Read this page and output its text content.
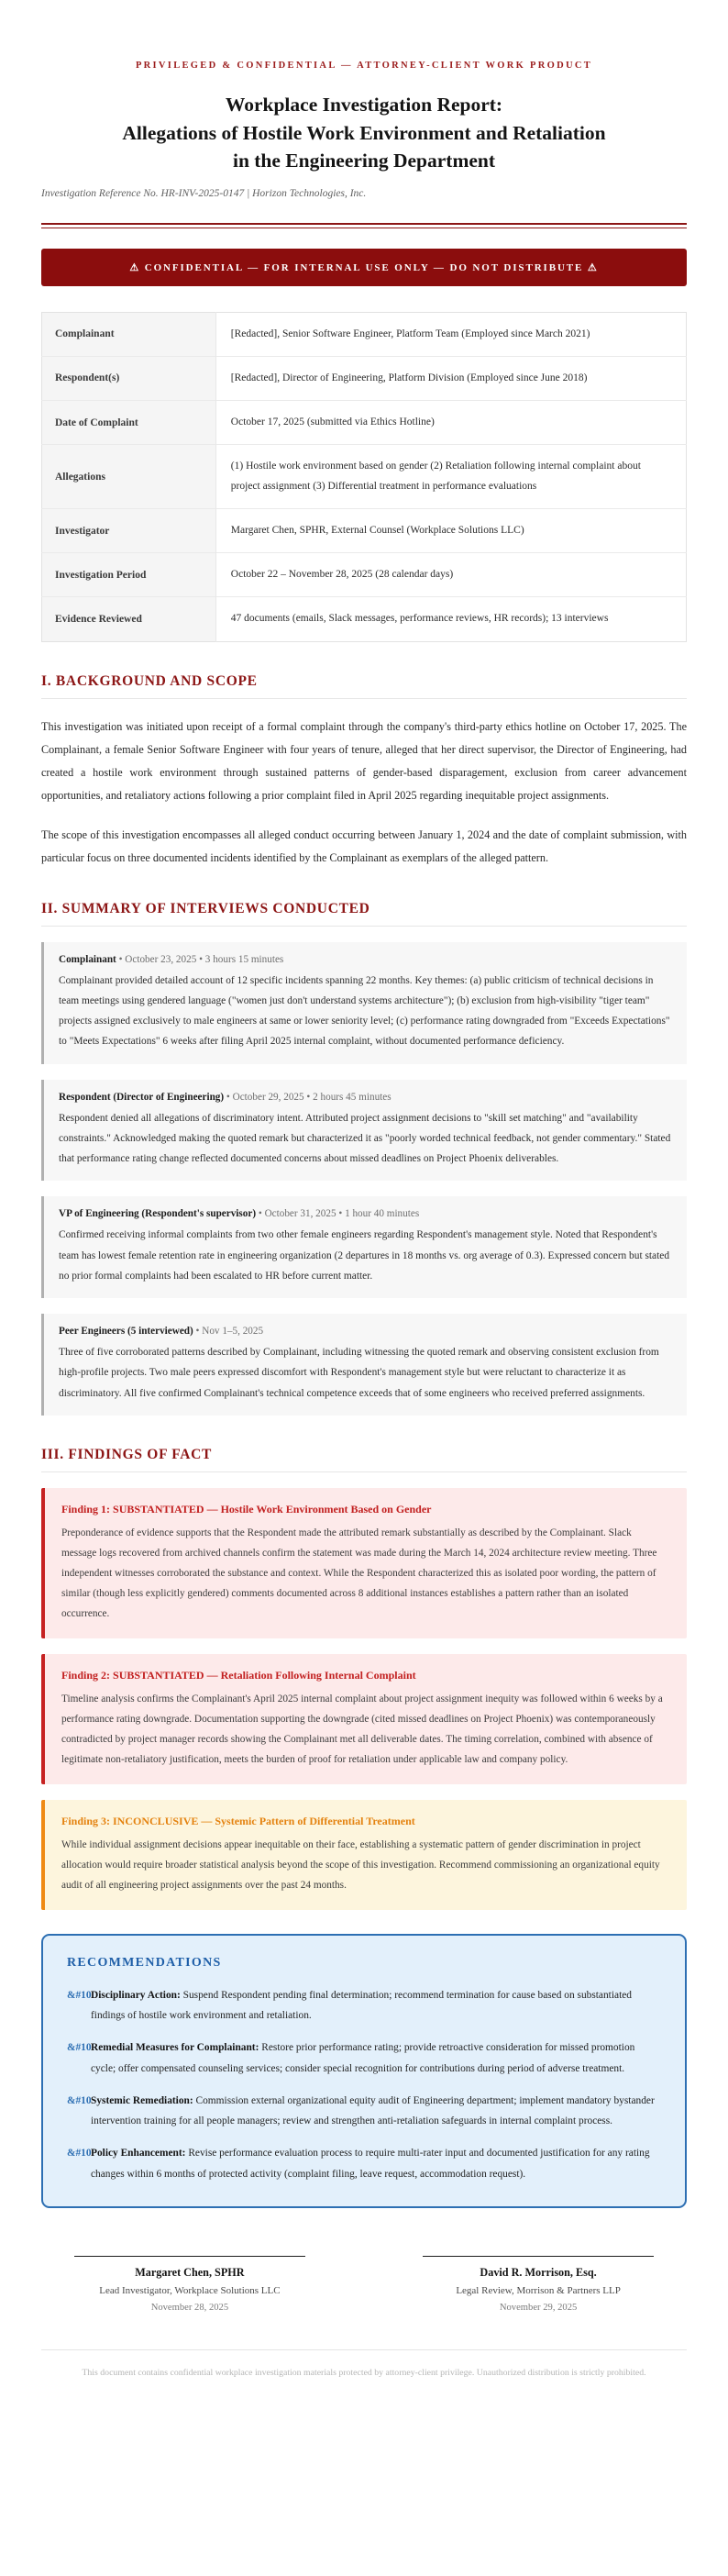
PRIVILEGED & CONFIDENTIAL — ATTORNEY-CLIENT WORK PRODUCT
Workplace Investigation Report:
Allegations of Hostile Work Environment and Retaliation
in the Engineering Department
Investigation Reference No. HR-INV-2025-0147 | Horizon Technologies, Inc.
⚠ CONFIDENTIAL — FOR INTERNAL USE ONLY — DO NOT DISTRIBUTE ⚠
Complainant	[Redacted], Senior Software Engineer, Platform Team (Employed since March 2021)
Respondent(s)	[Redacted], Director of Engineering, Platform Division (Employed since June 2018)
Date of Complaint	October 17, 2025 (submitted via Ethics Hotline)
Allegations	(1) Hostile work environment based on gender (2) Retaliation following internal complaint about project assignment (3) Differential treatment in performance evaluations
Investigator	Margaret Chen, SPHR, External Counsel (Workplace Solutions LLC)
Investigation Period	October 22 – November 28, 2025 (28 calendar days)
Evidence Reviewed	47 documents (emails, Slack messages, performance reviews, HR records); 13 interviews
I. BACKGROUND AND SCOPE

This investigation was initiated upon receipt of a formal complaint through the company's third-party ethics hotline on October 17, 2025. The Complainant, a female Senior Software Engineer with four years of tenure, alleged that her direct supervisor, the Director of Engineering, had created a hostile work environment through sustained patterns of gender-based disparagement, exclusion from career advancement opportunities, and retaliatory actions following a prior complaint filed in April 2025 regarding inequitable project assignments.

The scope of this investigation encompasses all alleged conduct occurring between January 1, 2024 and the date of complaint submission, with particular focus on three documented incidents identified by the Complainant as exemplars of the alleged pattern.

II. SUMMARY OF INTERVIEWS CONDUCTED
Complainant • October 23, 2025 • 3 hours 15 minutes

Complainant provided detailed account of 12 specific incidents spanning 22 months. Key themes: (a) public criticism of technical decisions in team meetings using gendered language ("women just don't understand systems architecture"); (b) exclusion from high-visibility "tiger team" projects assigned exclusively to male engineers at same or lower seniority level; (c) performance rating downgraded from "Exceeds Expectations" to "Meets Expectations" 6 weeks after filing April 2025 internal complaint, without documented performance deficiency.

Respondent (Director of Engineering) • October 29, 2025 • 2 hours 45 minutes

Respondent denied all allegations of discriminatory intent. Attributed project assignment decisions to "skill set matching" and "availability constraints." Acknowledged making the quoted remark but characterized it as "poorly worded technical feedback, not gender commentary." Stated that performance rating change reflected documented concerns about missed deadlines on Project Phoenix deliverables.

VP of Engineering (Respondent's supervisor) • October 31, 2025 • 1 hour 40 minutes

Confirmed receiving informal complaints from two other female engineers regarding Respondent's management style. Noted that Respondent's team has lowest female retention rate in engineering organization (2 departures in 18 months vs. org average of 0.3). Expressed concern but stated no prior formal complaints had been escalated to HR before current matter.

Peer Engineers (5 interviewed) • Nov 1–5, 2025

Three of five corroborated patterns described by Complainant, including witnessing the quoted remark and observing consistent exclusion from high-profile projects. Two male peers expressed discomfort with Respondent's management style but were reluctant to characterize it as discriminatory. All five confirmed Complainant's technical competence exceeds that of some engineers who received preferred assignments.

III. FINDINGS OF FACT
Finding 1: SUBSTANTIATED — Hostile Work Environment Based on Gender

Preponderance of evidence supports that the Respondent made the attributed remark substantially as described by the Complainant. Slack message logs recovered from archived channels confirm the statement was made during the March 14, 2024 architecture review meeting. Three independent witnesses corroborated the substance and context. While the Respondent characterized this as isolated poor wording, the pattern of similar (though less explicitly gendered) comments documented across 8 additional instances establishes a pattern rather than an isolated occurrence.

Finding 2: SUBSTANTIATED — Retaliation Following Internal Complaint

Timeline analysis confirms the Complainant's April 2025 internal complaint about project assignment inequity was followed within 6 weeks by a performance rating downgrade. Documentation supporting the downgrade (cited missed deadlines on Project Phoenix) was contemporaneously contradicted by project manager records showing the Complainant met all deliverable dates. The timing correlation, combined with absence of legitimate non-retaliatory justification, meets the burden of proof for retaliation under applicable law and company policy.

Finding 3: INCONCLUSIVE — Systemic Pattern of Differential Treatment

While individual assignment decisions appear inequitable on their face, establishing a systematic pattern of gender discrimination in project allocation would require broader statistical analysis beyond the scope of this investigation. Recommend commissioning an organizational equity audit of all engineering project assignments over the past 24 months.

RECOMMENDATIONS

&#10 Disciplinary Action: Suspend Respondent pending final determination; recommend termination for cause based on substantiated findings of hostile work environment and retaliation.

&#10 Remedial Measures for Complainant: Restore prior performance rating; provide retroactive consideration for missed promotion cycle; offer compensated counseling services; consider special recognition for contributions during period of adverse treatment.

&#10 Systemic Remediation: Commission external organizational equity audit of Engineering department; implement mandatory bystander intervention training for all people managers; review and strengthen anti-retaliation safeguards in internal complaint process.

&#10 Policy Enhancement: Revise performance evaluation process to require multi-rater input and documented justification for any rating changes within 6 months of protected activity (complaint filing, leave request, accommodation request).

Margaret Chen, SPHR
Lead Investigator, Workplace Solutions LLC
November 28, 2025
David R. Morrison, Esq.
Legal Review, Morrison & Partners LLP
November 29, 2025

This document contains confidential workplace investigation materials protected by attorney-client privilege. Unauthorized distribution is strictly prohibited.
